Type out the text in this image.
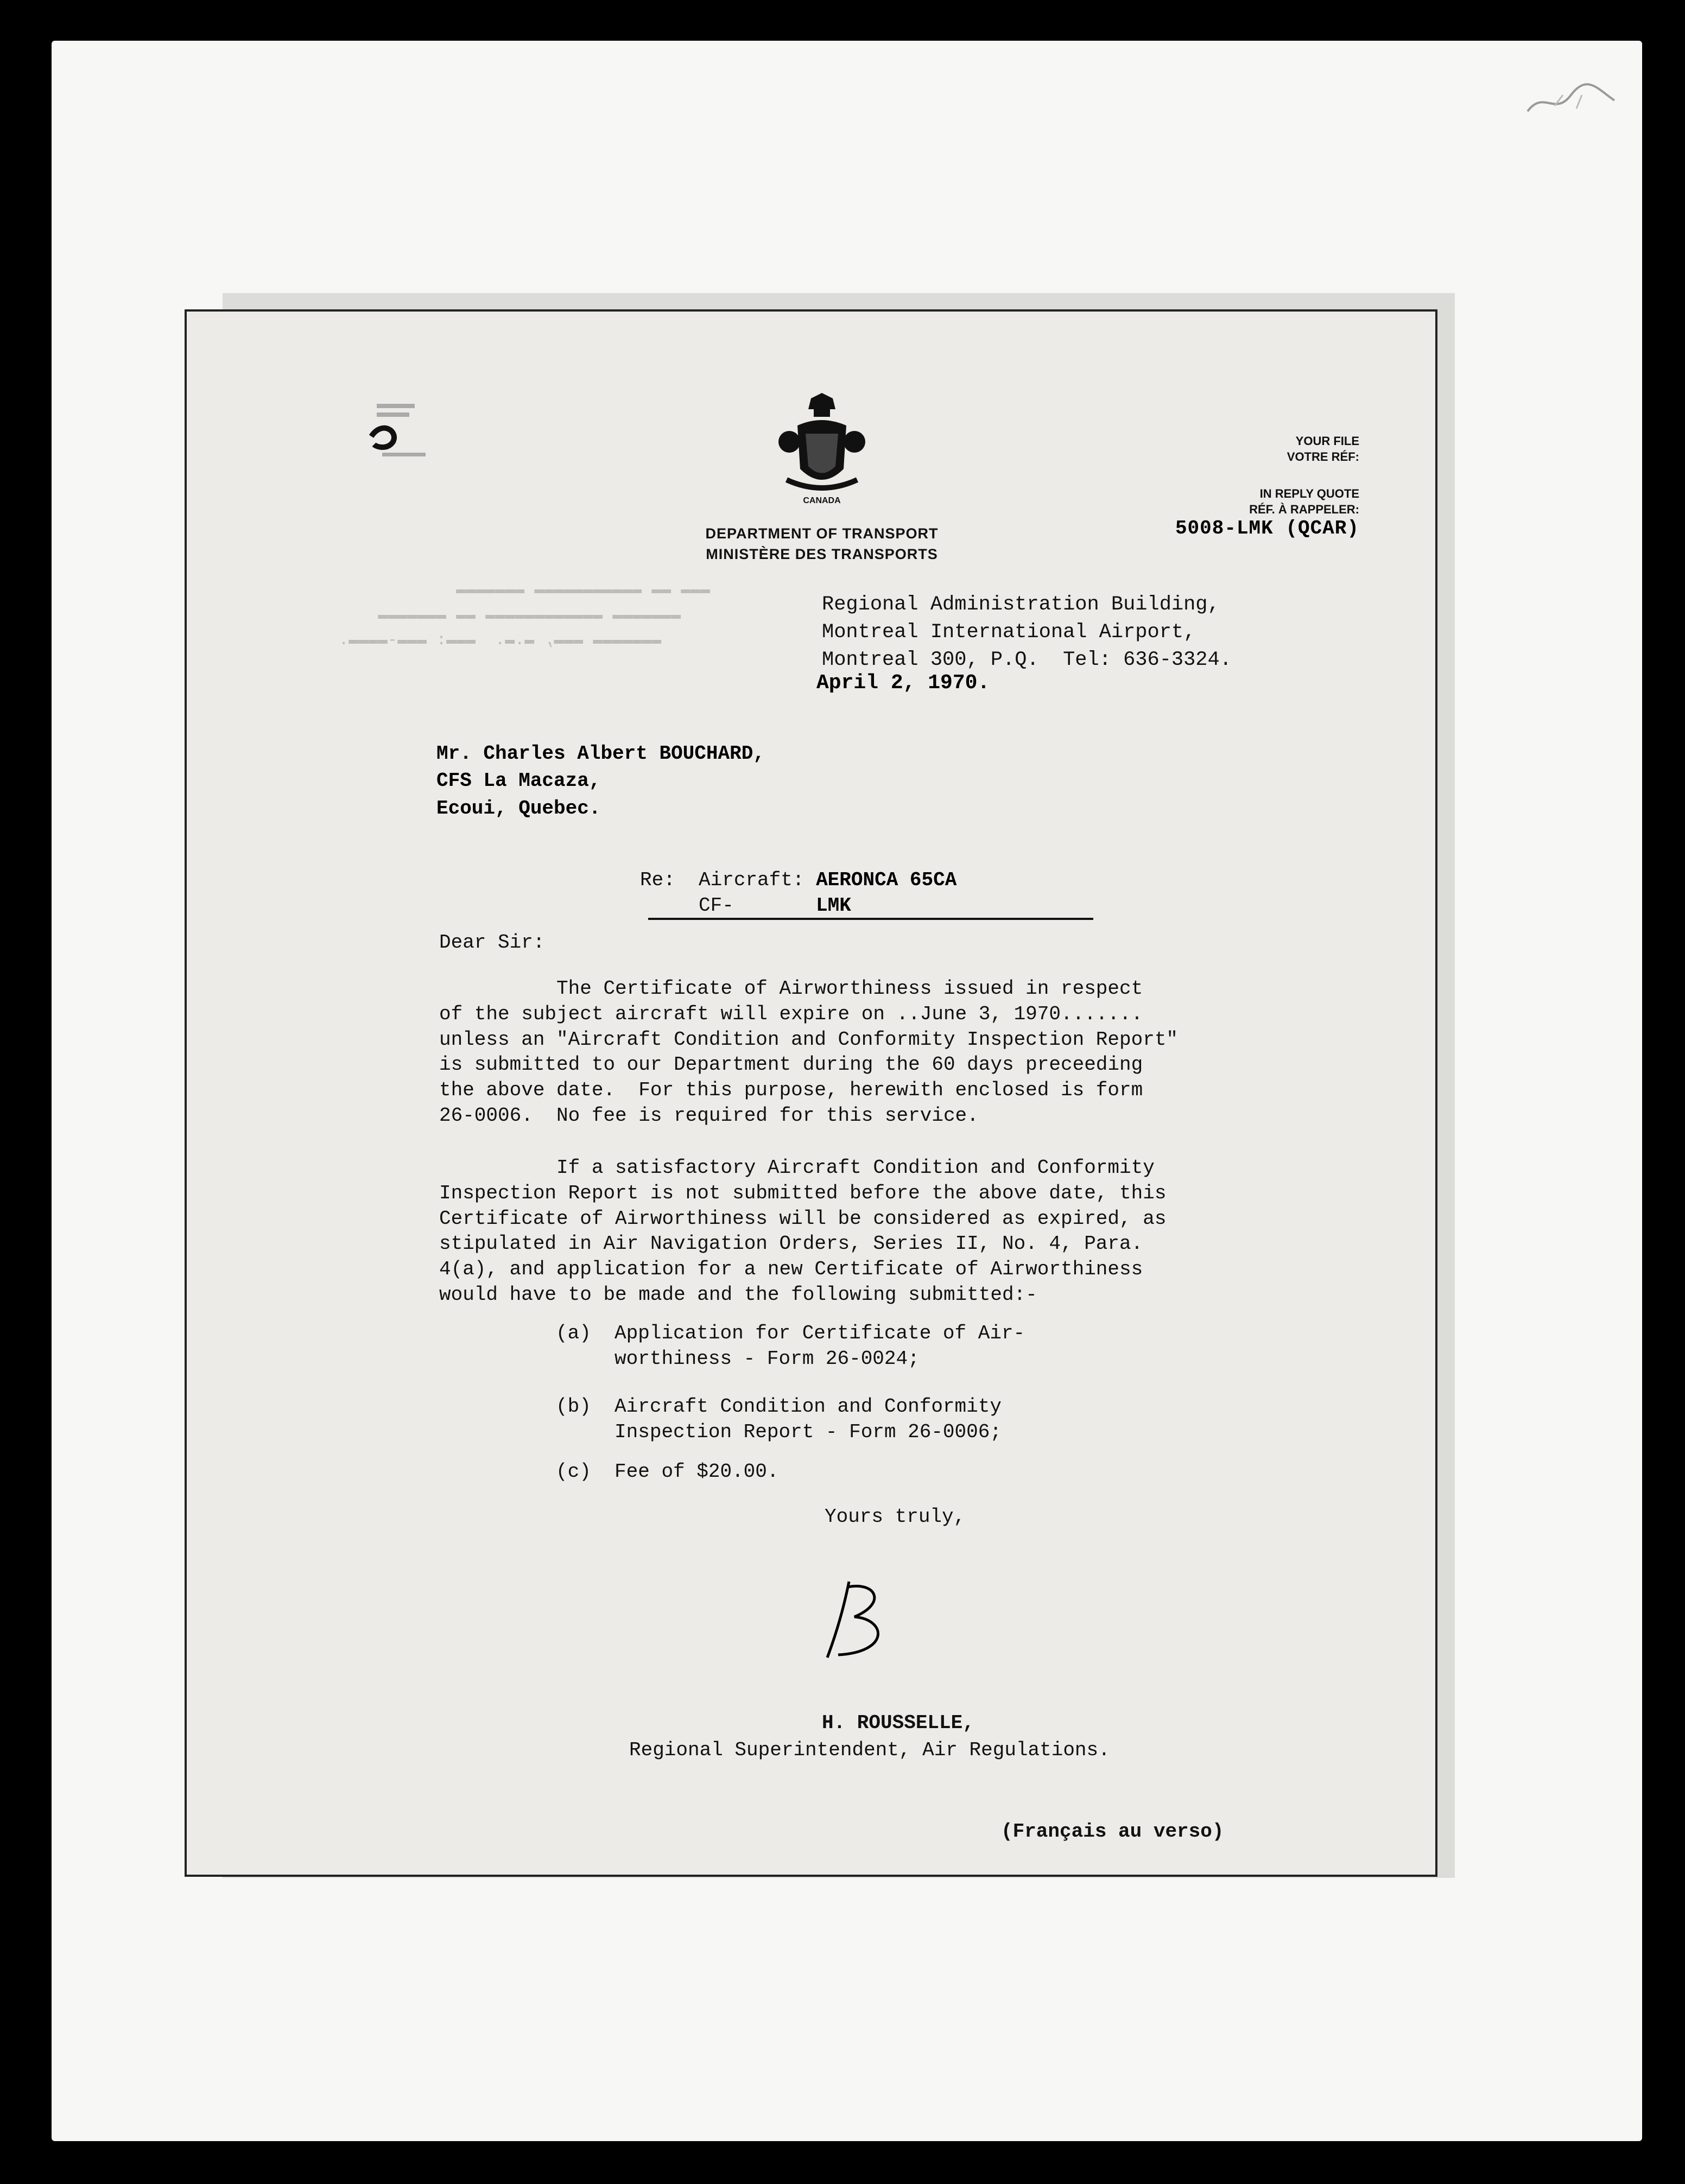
CANADA
DEPARTMENT OF TRANSPORT
MINISTÈRE DES TRANSPORTS
YOUR FILE
VOTRE RÉF:
IN REPLY QUOTE
RÉF. À RAPPELER:
5008-LMK (QCAR)
▬▬▬ ▬▬ ▬▬▬▬▬▬▬▬▬▬▬ ▬▬▬▬▬▬▬
▬▬▬▬▬▬▬ ▬▬▬▬▬▬▬▬▬▬▬▬ ▬▬ ▬▬▬▬▬▬▬
▬▬▬▬▬▬▬ ▬▬▬, ▬.▬.  ▬▬▬: ▬▬▬-▬▬▬▬.
Regional Administration Building,
Montreal International Airport,
Montreal 300, P.Q.  Tel: 636-3324.
April 2, 1970.
Mr. Charles Albert BOUCHARD,
CFS La Macaza,
Ecoui, Quebec.
Re: Aircraft: AERONCA 65CA
CF-	LMK
Dear Sir:
The Certificate of Airworthiness issued in respect
of the subject aircraft will expire on ..June 3, 1970.......
unless an "Aircraft Condition and Conformity Inspection Report"
is submitted to our Department during the 60 days preceeding
the above date.  For this purpose, herewith enclosed is form
26-0006.  No fee is required for this service.
If a satisfactory Aircraft Condition and Conformity
Inspection Report is not submitted before the above date, this
Certificate of Airworthiness will be considered as expired, as
stipulated in Air Navigation Orders, Series II, No. 4, Para.
4(a), and application for a new Certificate of Airworthiness
would have to be made and the following submitted:-
(a) Application for Certificate of Air-
worthiness - Form 26-0024;
(b) Aircraft Condition and Conformity
Inspection Report - Form 26-0006;
(c) Fee of $20.00.
Yours truly,
H. ROUSSELLE,
Regional Superintendent, Air Regulations.
(Français au verso)
